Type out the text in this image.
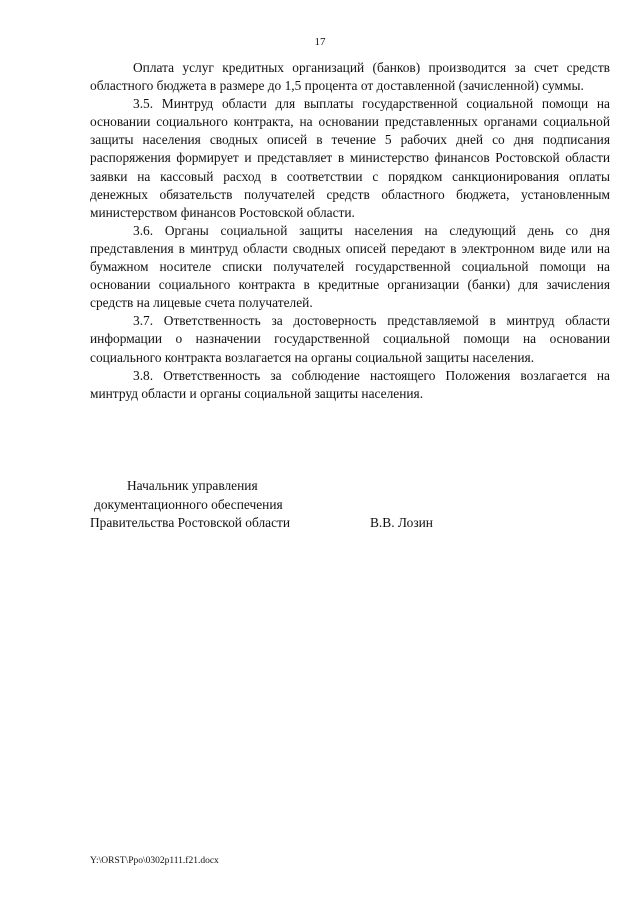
17

Оплата услуг кредитных организаций (банков) производится за счет средств областного бюджета в размере до 1,5 процента от доставленной (зачисленной) суммы.

3.5. Минтруд области для выплаты государственной социальной помощи на основании социального контракта, на основании представленных органами социальной защиты населения сводных описей в течение 5 рабочих дней со дня подписания распоряжения формирует и представляет в министерство финансов Ростовской области заявки на кассовый расход в соответствии с порядком санкционирования оплаты денежных обязательств получателей средств областного бюджета, установленным министерством финансов Ростовской области.

3.6. Органы социальной защиты населения на следующий день со дня представления в минтруд области сводных описей передают в электронном виде или на бумажном носителе списки получателей государственной социальной помощи на основании социального контракта в кредитные организации (банки) для зачисления средств на лицевые счета получателей.

3.7. Ответственность за достоверность представляемой в минтруд области информации о назначении государственной социальной помощи на основании социального контракта возлагается на органы социальной защиты населения.

3.8. Ответственность за соблюдение настоящего Положения возлагается на минтруд области и органы социальной защиты населения.

Начальник управления
документационного обеспечения
Правительства Ростовской области	В.В. Лозин
Y:\ORST\Ppo\0302p111.f21.docx
